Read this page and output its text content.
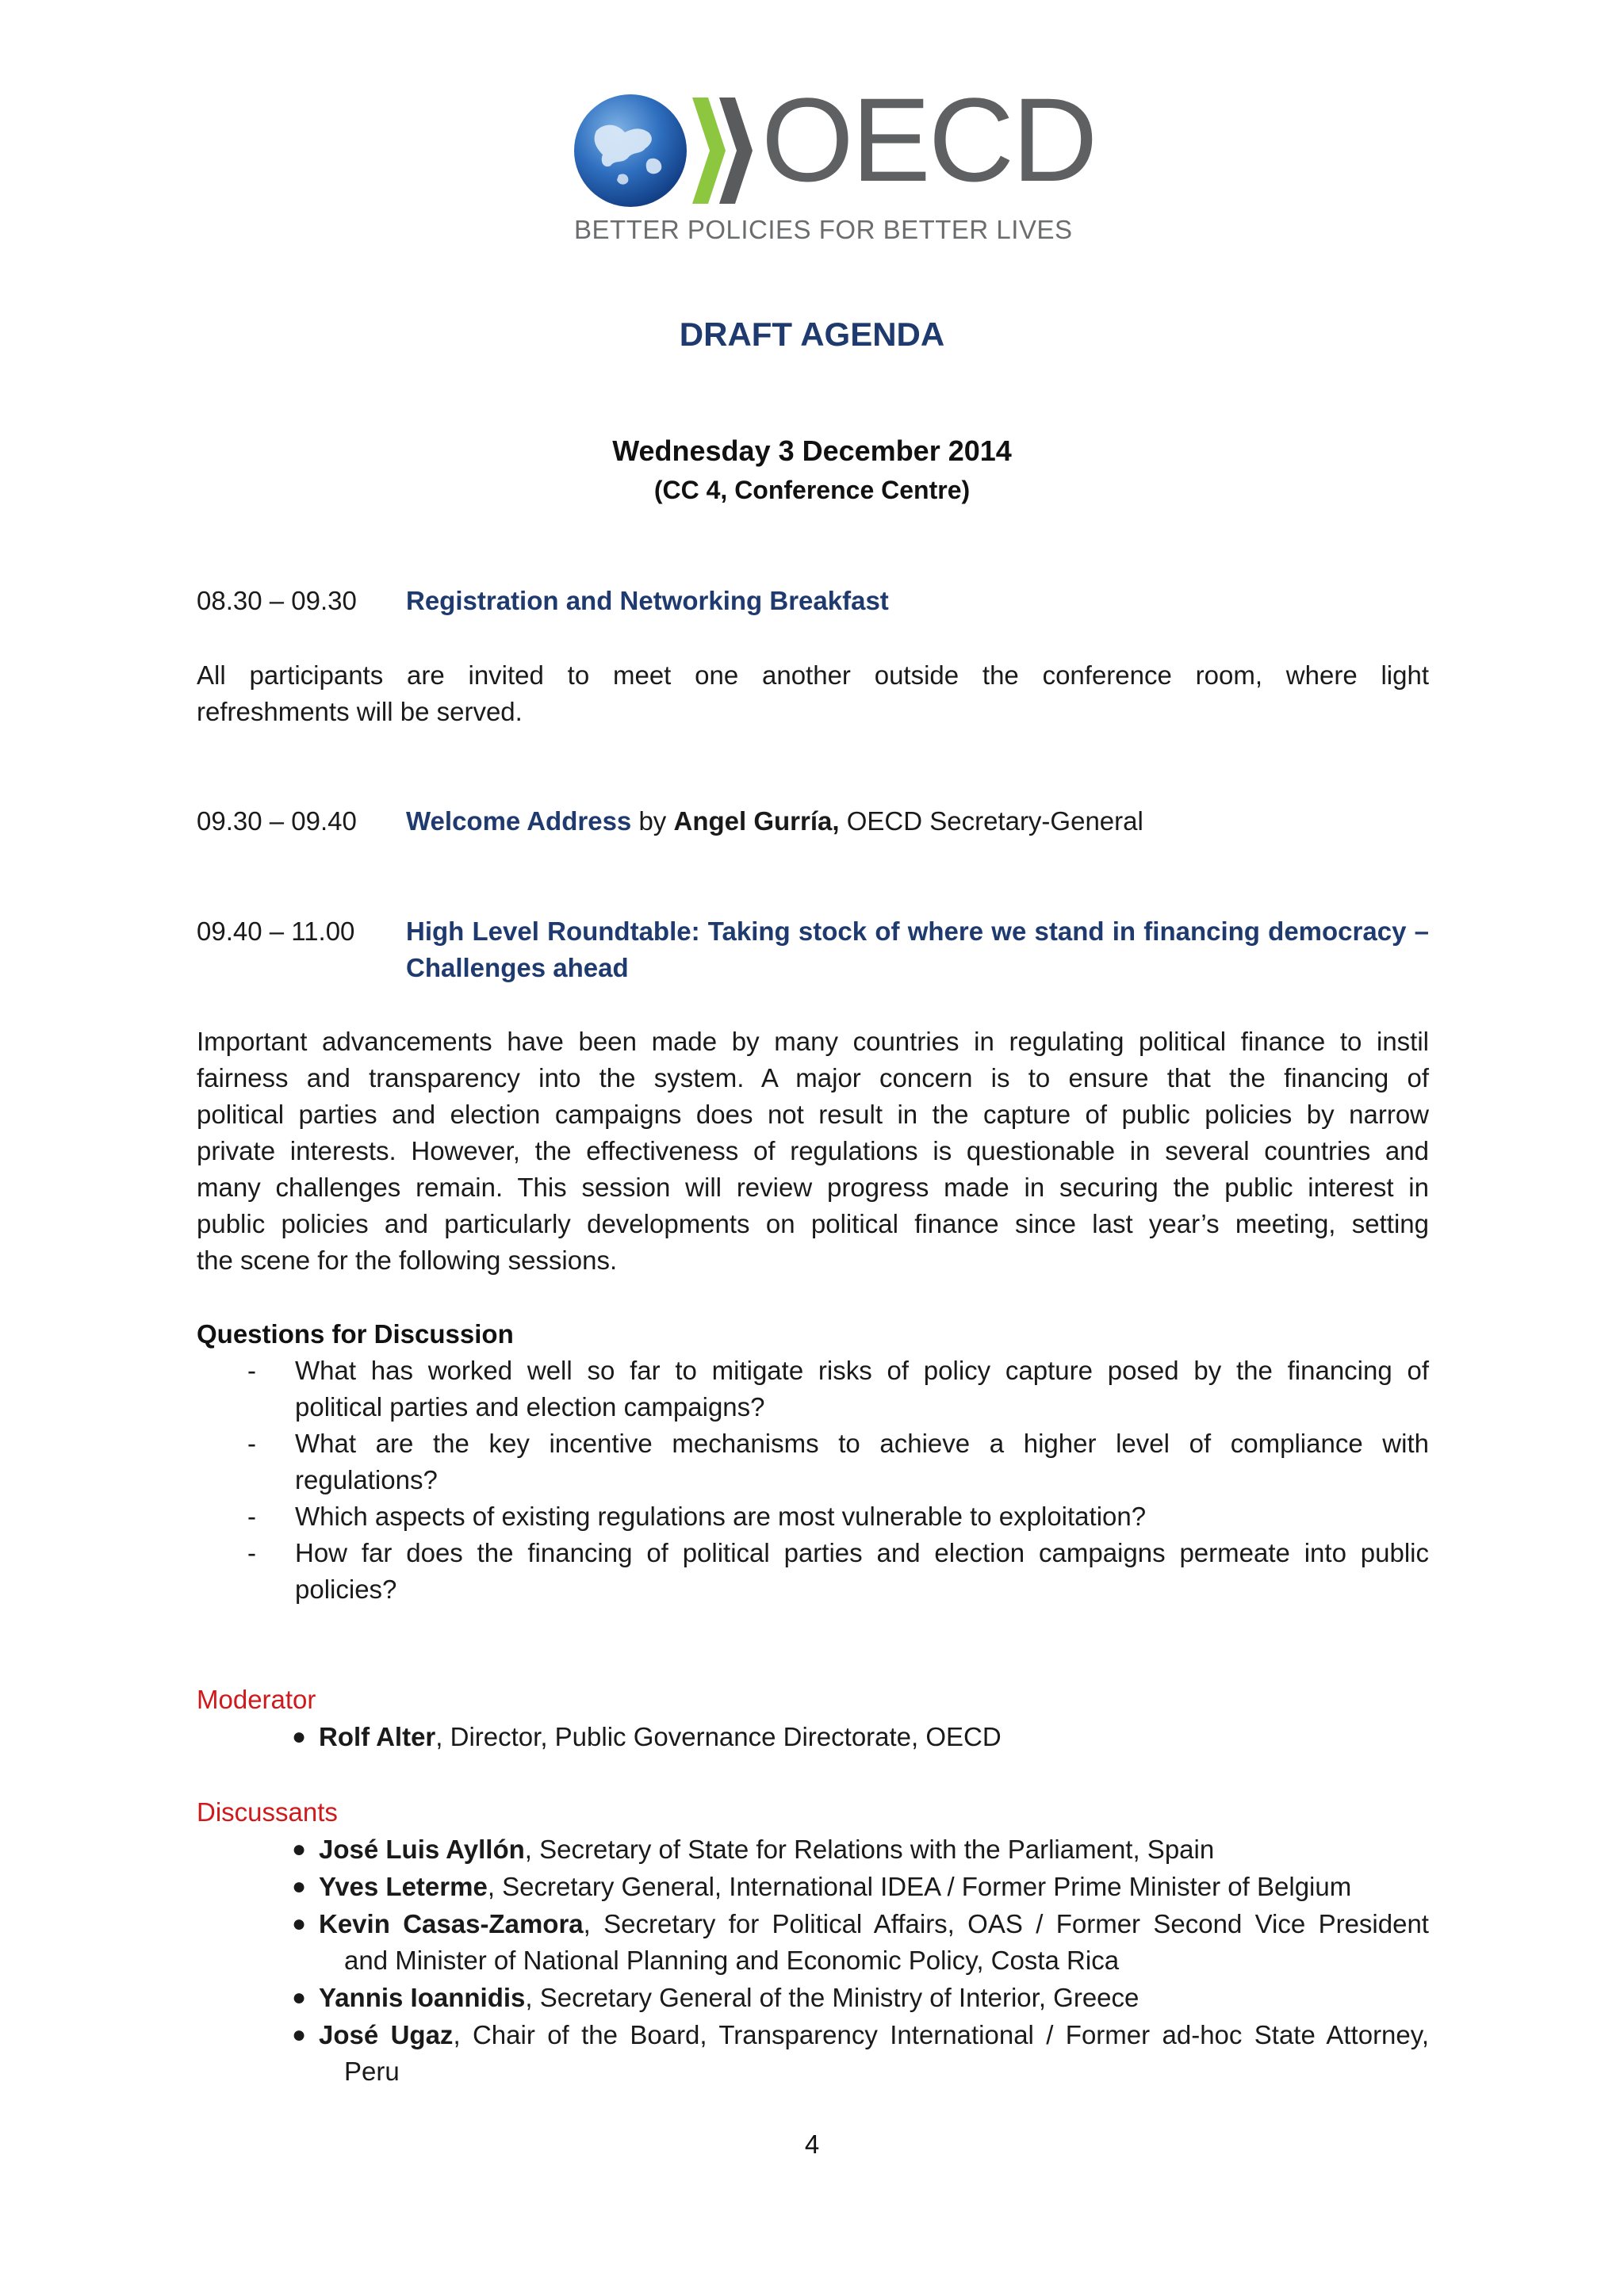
OECD
BETTER POLICIES FOR BETTER LIVES
DRAFT AGENDA
Wednesday 3 December 2014
(CC 4, Conference Centre)
08.30 – 09.30 Registration and Networking Breakfast
All participants are invited to meet one another outside the conference room, where light
refreshments will be served.
09.30 – 09.40 Welcome Address by Angel Gurría, OECD Secretary-General
09.40 – 11.00 High Level Roundtable: Taking stock of where we stand in financing democracy –
Challenges ahead
Important advancements have been made by many countries in regulating political finance to instil
fairness and transparency into the system. A major concern is to ensure that the financing of
political parties and election campaigns does not result in the capture of public policies by narrow
private interests. However, the effectiveness of regulations is questionable in several countries and
many challenges remain. This session will review progress made in securing the public interest in
public policies and particularly developments on political finance since last year’s meeting, setting
the scene for the following sessions.
Questions for Discussion
- What has worked well so far to mitigate risks of policy capture posed by the financing of
political parties and election campaigns?
- What are the key incentive mechanisms to achieve a higher level of compliance with
regulations?
- Which aspects of existing regulations are most vulnerable to exploitation?
- How far does the financing of political parties and election campaigns permeate into public
policies?
Moderator
● Rolf Alter, Director, Public Governance Directorate, OECD
Discussants
● José Luis Ayllón, Secretary of State for Relations with the Parliament, Spain
● Yves Leterme, Secretary General, International IDEA / Former Prime Minister of Belgium
● Kevin Casas-Zamora, Secretary for Political Affairs, OAS / Former Second Vice President
and Minister of National Planning and Economic Policy, Costa Rica
● Yannis Ioannidis, Secretary General of the Ministry of Interior, Greece
● José Ugaz, Chair of the Board, Transparency International / Former ad-hoc State Attorney,
Peru
4
